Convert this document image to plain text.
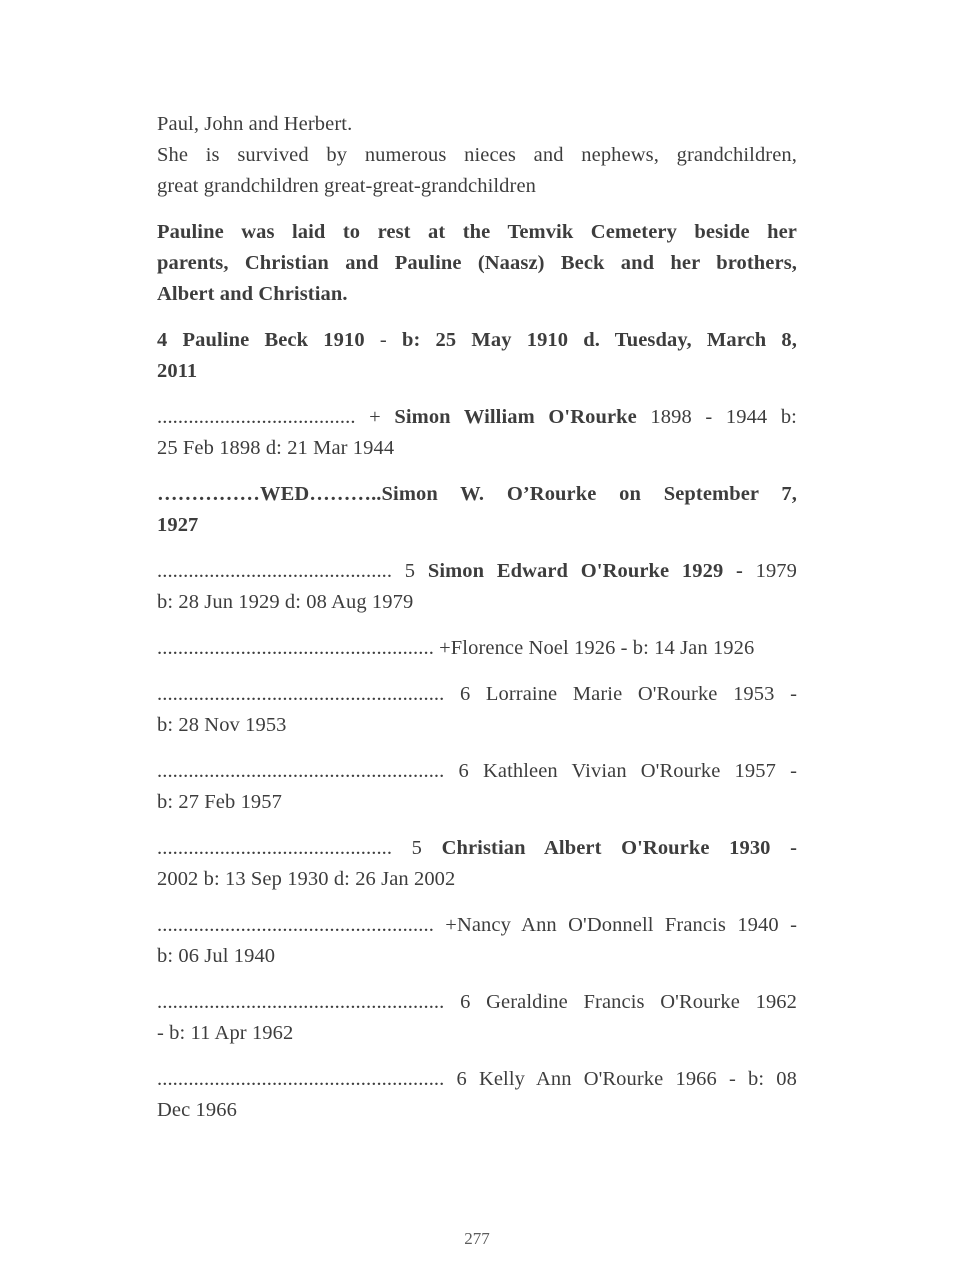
Paul, John and Herbert.
She is survived by numerous nieces and nephews, grandchildren,
great grandchildren great-great-grandchildren
Pauline was laid to rest at the Temvik Cemetery beside her
parents, Christian and Pauline (Naasz) Beck and her brothers,
Albert and Christian.
4 Pauline Beck 1910 - b: 25 May 1910 d. Tuesday, March 8,
2011
...................................... + Simon William O'Rourke 1898 - 1944 b:
25 Feb 1898 d: 21 Mar 1944
……………WED………..Simon W. O’Rourke on September 7,
1927
............................................. 5 Simon Edward O'Rourke 1929 - 1979
b: 28 Jun 1929 d: 08 Aug 1979
..................................................... +Florence Noel 1926 - b: 14 Jan 1926
....................................................... 6 Lorraine Marie O'Rourke 1953 -
b: 28 Nov 1953
....................................................... 6 Kathleen Vivian O'Rourke 1957 -
b: 27 Feb 1957
............................................. 5 Christian Albert O'Rourke 1930 -
2002 b: 13 Sep 1930 d: 26 Jan 2002
..................................................... +Nancy Ann O'Donnell Francis 1940 -
b: 06 Jul 1940
....................................................... 6 Geraldine Francis O'Rourke 1962
- b: 11 Apr 1962
....................................................... 6 Kelly Ann O'Rourke 1966 - b: 08
Dec 1966
277
